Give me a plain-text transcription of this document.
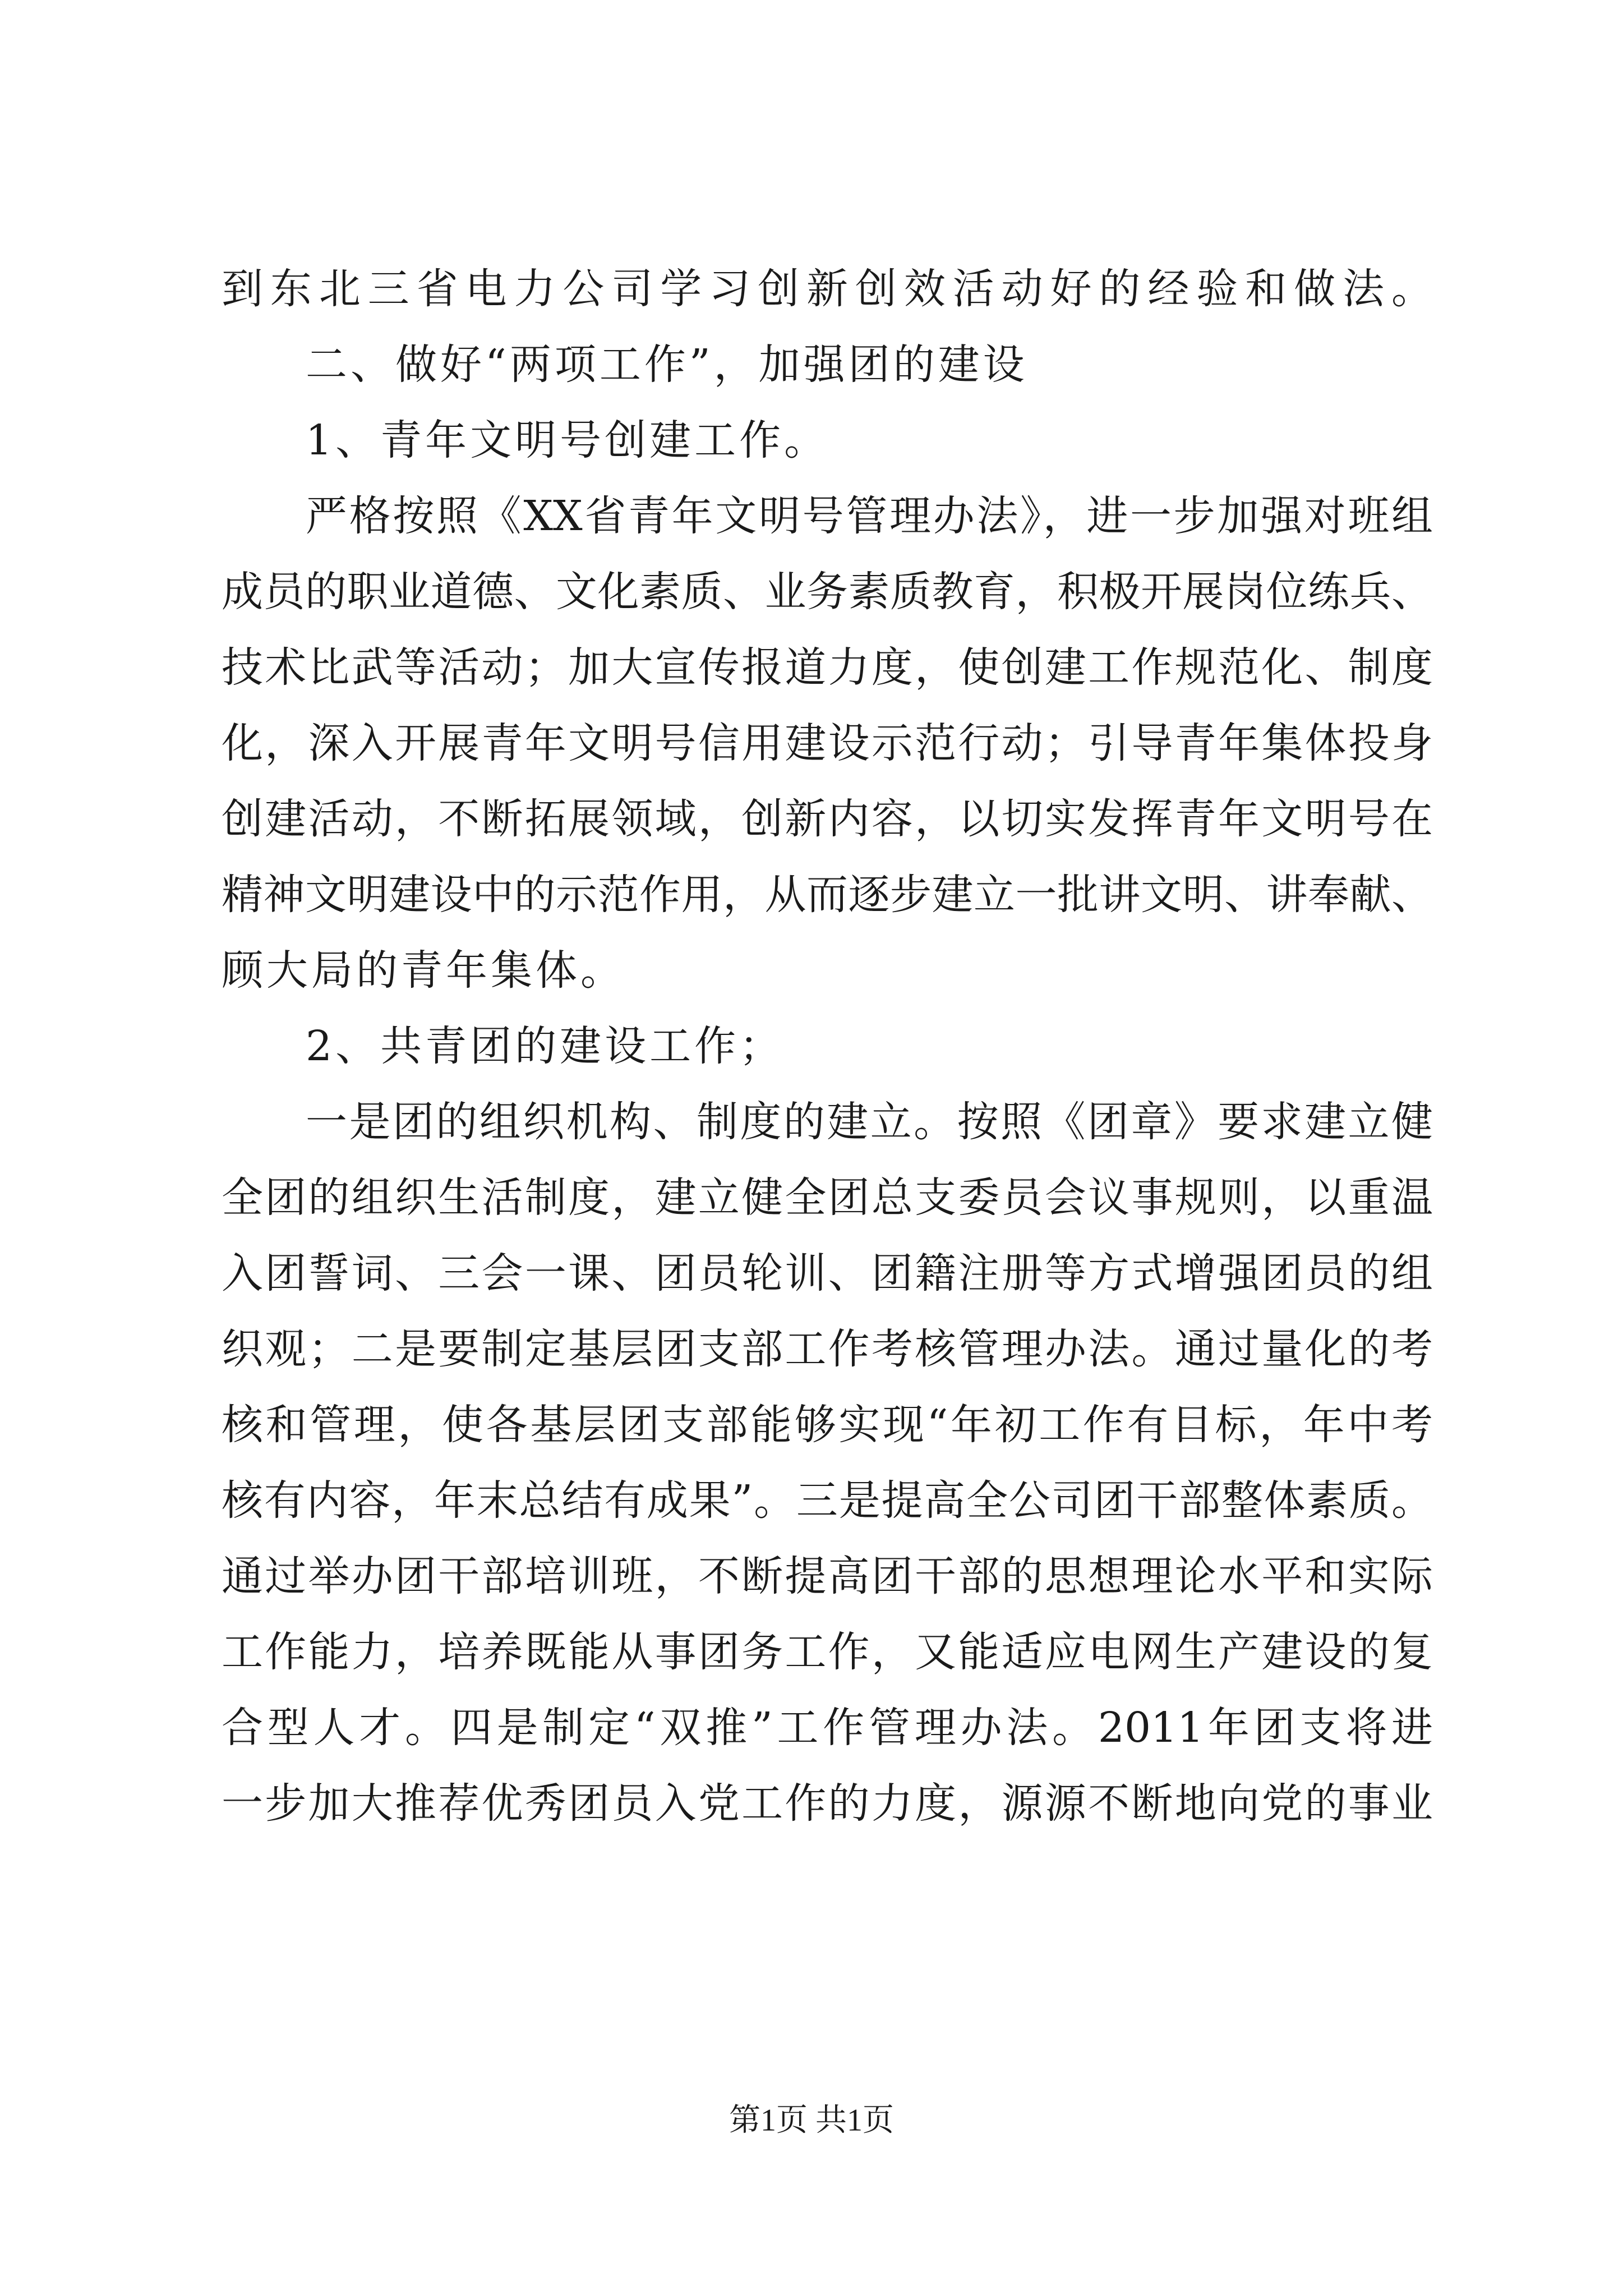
到东北三省电力公司学习创新创效活动好的经验和做法。
二、做好“两项工作”，加强团的建设
1、青年文明号创建工作。
严格按照《XX省青年文明号管理办法》，进一步加强对班组
成员的职业道德、文化素质、业务素质教育，积极开展岗位练兵、
技术比武等活动；加大宣传报道力度，使创建工作规范化、制度
化，深入开展青年文明号信用建设示范行动；引导青年集体投身
创建活动，不断拓展领域，创新内容，以切实发挥青年文明号在
精神文明建设中的示范作用，从而逐步建立一批讲文明、讲奉献、
顾大局的青年集体。
2、共青团的建设工作；
一是团的组织机构、制度的建立。按照《团章》要求建立健
全团的组织生活制度，建立健全团总支委员会议事规则，以重温
入团誓词、三会一课、团员轮训、团籍注册等方式增强团员的组
织观；二是要制定基层团支部工作考核管理办法。通过量化的考
核和管理，使各基层团支部能够实现“年初工作有目标，年中考
核有内容，年末总结有成果”。三是提高全公司团干部整体素质。
通过举办团干部培训班，不断提高团干部的思想理论水平和实际
工作能力，培养既能从事团务工作，又能适应电网生产建设的复
合型人才。四是制定“双推”工作管理办法。2011年团支将进
一步加大推荐优秀团员入党工作的力度，源源不断地向党的事业
第1页 共1页
